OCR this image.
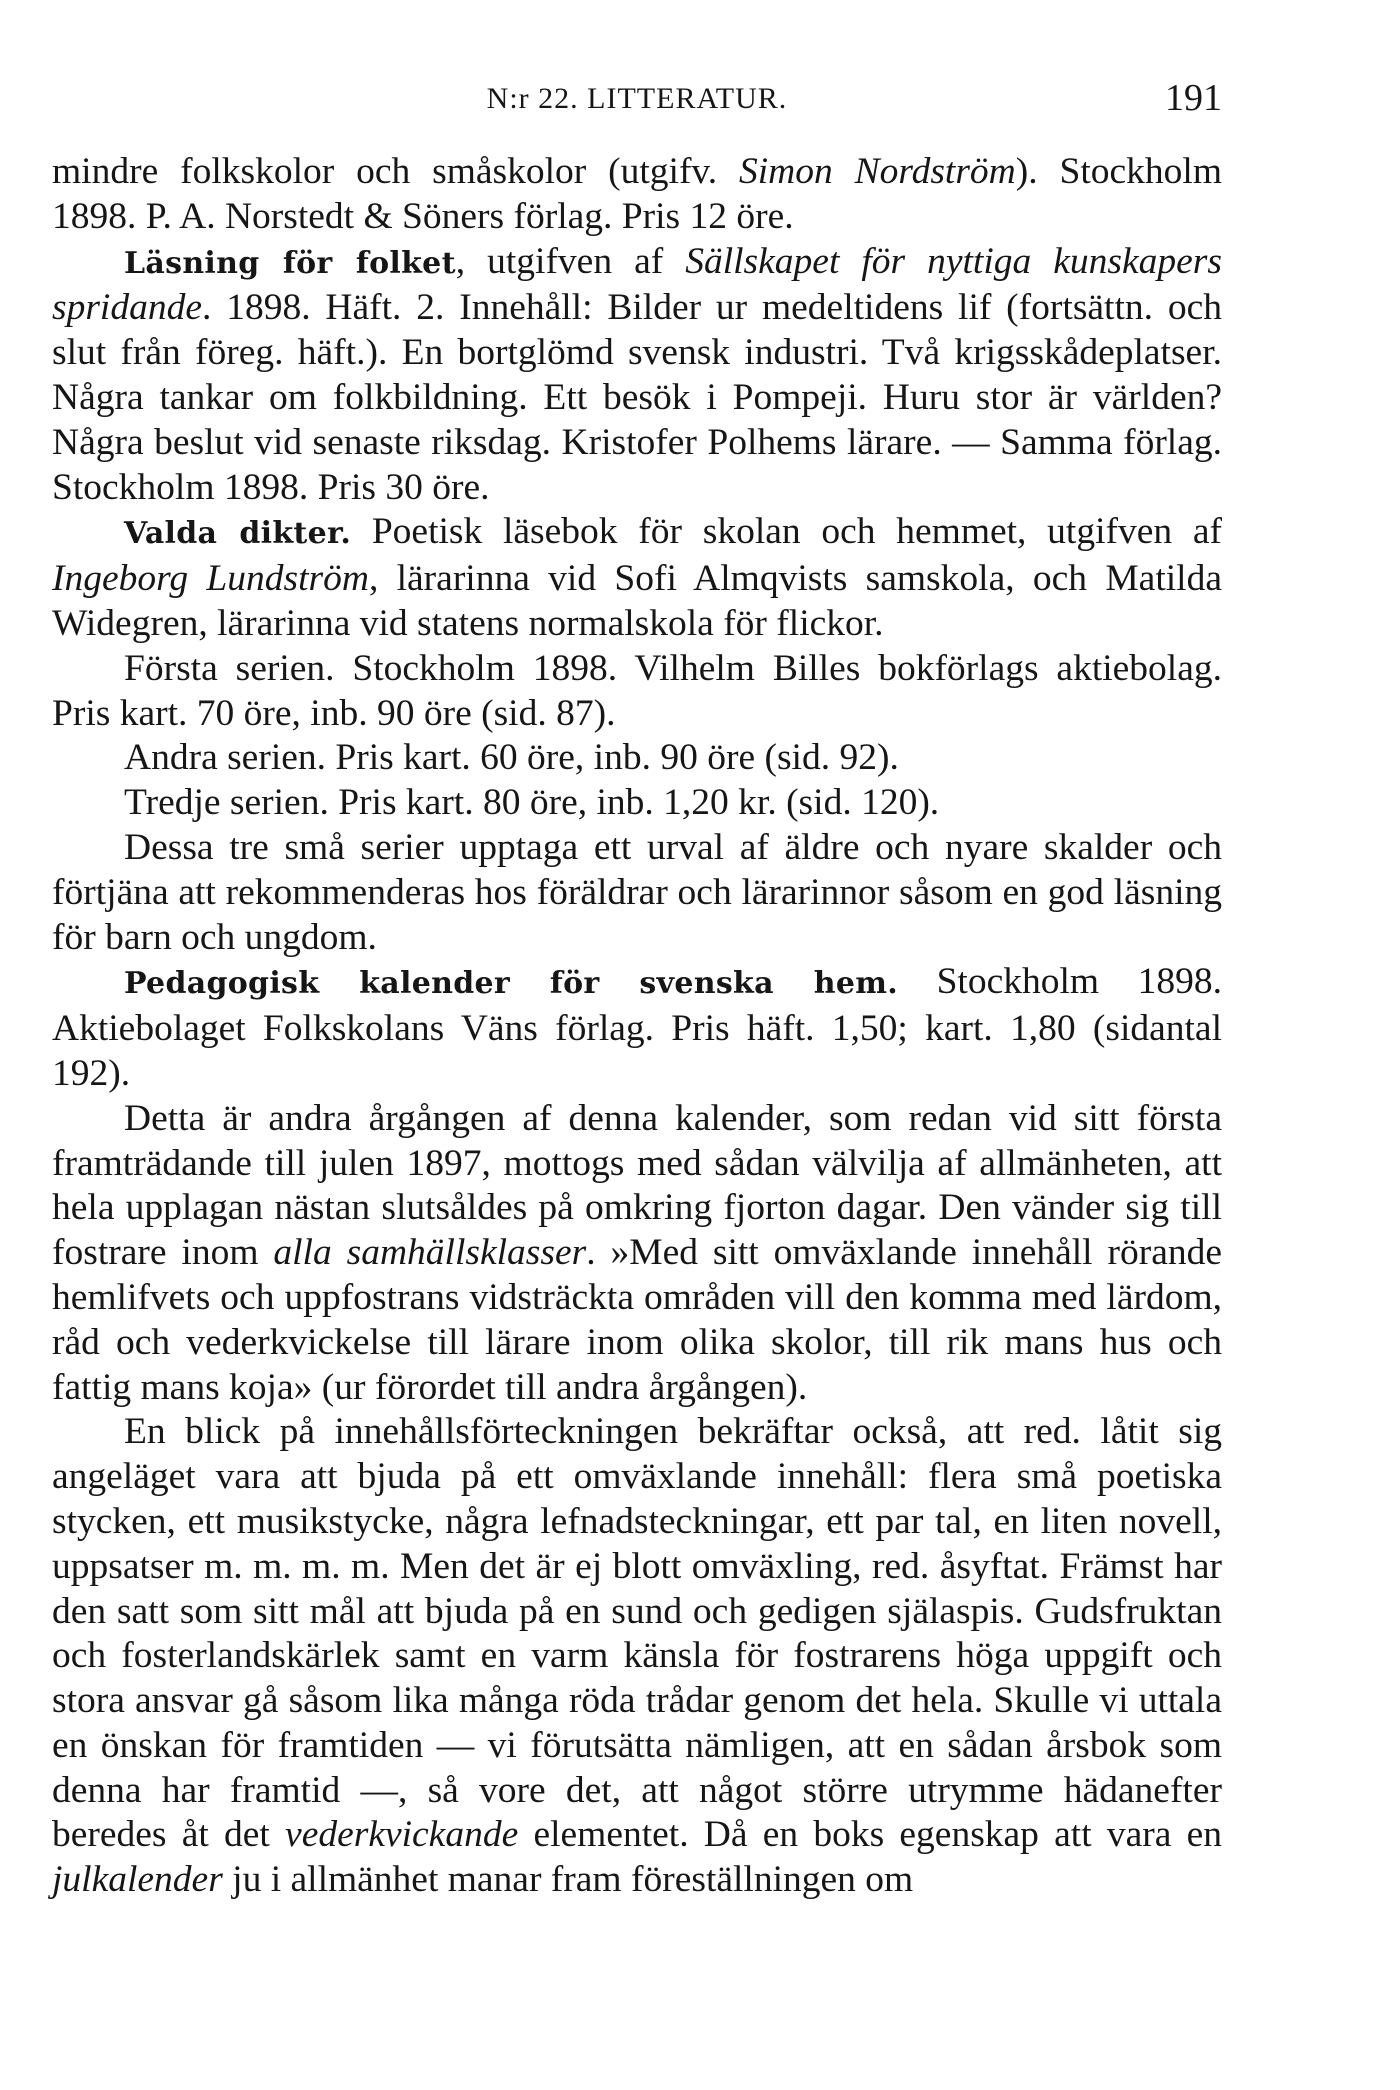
N:r 22. LITTERATUR.	191

mindre folkskolor och småskolor (utgifv. Simon Nordström). Stockholm 1898. P. A. Norstedt & Söners förlag. Pris 12 öre.

Läsning för folket, utgifven af Sällskapet för nyttiga kunskapers spridande. 1898. Häft. 2. Innehåll: Bilder ur medeltidens lif (fortsättn. och slut från föreg. häft.). En bortglömd svensk industri. Två krigsskådeplatser. Några tankar om folkbildning. Ett besök i Pompeji. Huru stor är världen? Några beslut vid senaste riksdag. Kristofer Polhems lärare. — Samma förlag. Stockholm 1898. Pris 30 öre.

Valda dikter. Poetisk läsebok för skolan och hemmet, utgifven af Ingeborg Lundström, lärarinna vid Sofi Almqvists samskola, och Matilda Widegren, lärarinna vid statens normalskola för flickor.

Första serien. Stockholm 1898. Vilhelm Billes bokförlags aktiebolag. Pris kart. 70 öre, inb. 90 öre (sid. 87).

Andra serien. Pris kart. 60 öre, inb. 90 öre (sid. 92).

Tredje serien. Pris kart. 80 öre, inb. 1,20 kr. (sid. 120).

Dessa tre små serier upptaga ett urval af äldre och nyare skalder och förtjäna att rekommenderas hos föräldrar och lärarinnor såsom en god läsning för barn och ungdom.

Pedagogisk kalender för svenska hem. Stockholm 1898. Aktiebolaget Folkskolans Väns förlag. Pris häft. 1,50; kart. 1,80 (sidantal 192).

Detta är andra årgången af denna kalender, som redan vid sitt första framträdande till julen 1897, mottogs med sådan välvilja af allmänheten, att hela upplagan nästan slutsåldes på omkring fjorton dagar. Den vänder sig till fostrare inom alla samhällsklasser. »Med sitt omväxlande innehåll rörande hemlifvets och uppfostrans vidsträckta områden vill den komma med lärdom, råd och vederkvickelse till lärare inom olika skolor, till rik mans hus och fattig mans koja» (ur förordet till andra årgången).

En blick på innehållsförteckningen bekräftar också, att red. låtit sig angeläget vara att bjuda på ett omväxlande innehåll: flera små poetiska stycken, ett musikstycke, några lefnadsteckningar, ett par tal, en liten novell, uppsatser m. m. m. m. Men det är ej blott omväxling, red. åsyftat. Främst har den satt som sitt mål att bjuda på en sund och gedigen själaspis. Gudsfruktan och fosterlandskärlek samt en varm känsla för fostrarens höga uppgift och stora ansvar gå såsom lika många röda trådar genom det hela. Skulle vi uttala en önskan för framtiden — vi förutsätta nämligen, att en sådan årsbok som denna har framtid —, så vore det, att något större utrymme hädanefter beredes åt det vederkvickande elementet. Då en boks egenskap att vara en julkalender ju i allmänhet manar fram föreställningen om
